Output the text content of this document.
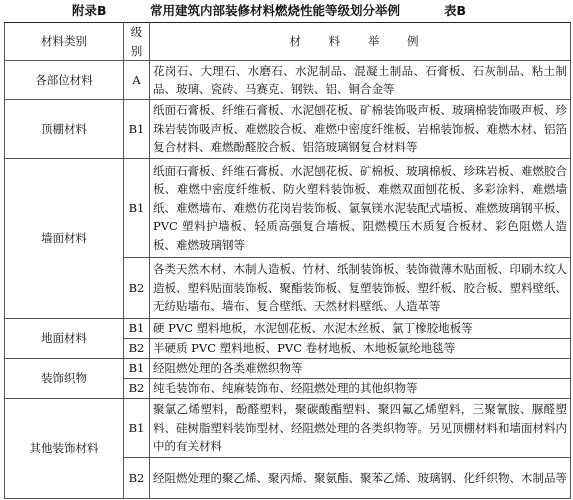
附录B	常用建筑内部装修材料燃烧性能等级划分举例	表B
材料类别	级别	材 料 举 例
各部位材料	A	花岗石、大理石、水磨石、水泥制品、混凝土制品、石膏板、石灰制品、粘土制品、玻璃、瓷砖、马赛克、钢铁、铝、铜合金等
顶棚材料	B1	纸面石膏板、纤维石膏板、水泥刨花板、矿棉装饰吸声板、玻璃棉装饰吸声板、珍珠岩装饰吸声板、难燃胶合板、难燃中密度纤维板、岩棉装饰板、难燃木材、铝箔复合材料、难燃酚醛胶合板、铝箔玻璃钢复合材料等
墙面材料	B1	纸面石膏板、纤维石膏板、水泥刨花板、矿棉板、玻璃棉板、珍珠岩板、难燃胶合板、难燃中密度纤维板、防火塑料装饰板、难燃双面刨花板、多彩涂料、难燃墙纸、难燃墙布、难燃仿花岗岩装饰板、氯氧镁水泥装配式墙板、难燃玻璃钢平板、PVC 塑料护墙板、轻质高强复合墙板、阻燃模压木质复合板材、彩色阻燃人造板、难燃玻璃钢等
	B2	各类天然木材、木制人造板、竹材、纸制装饰板、装饰微薄木贴面板、印刷木纹人造板、塑料贴面装饰板、聚酯装饰板、复塑装饰板、塑纤板、胶合板、塑料壁纸、无纺贴墙布、墙布、复合壁纸、天然材料壁纸、人造革等
地面材料	B1	硬 PVC 塑料地板，水泥刨花板、水泥木丝板、氯丁橡胶地板等
	B2	半硬质 PVC 塑料地板、PVC 卷材地板、木地板氯纶地毯等
装饰织物	B1	经阻燃处理的各类难燃织物等
	B2	纯毛装饰布、纯麻装饰布、经阻燃处理的其他织物等
其他装饰材料	B1	聚氯乙烯塑料，酚醛塑料，聚碳酸酯塑料、聚四氟乙烯塑料，三聚氰胺、脲醛塑料、硅树脂塑料装饰型材、经阻燃处理的各类织物等。另见顶棚材料和墙面材料内中的有关材料
	B2	经阻燃处理的聚乙烯、聚丙烯、聚氨酯、聚苯乙烯、玻璃钢、化纤织物、木制品等
